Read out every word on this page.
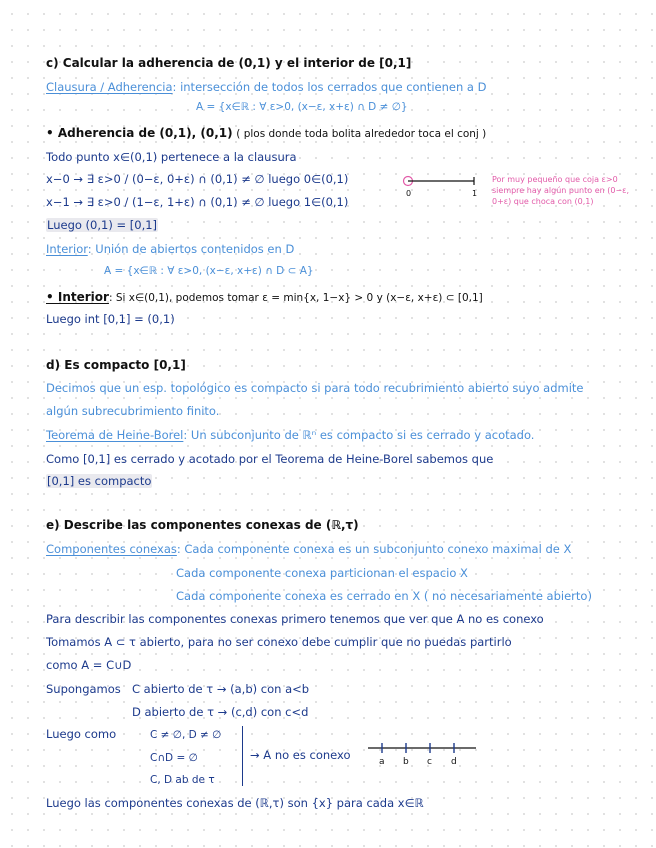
c) Calcular la adherencia de (0,1) y el interior de [0,1]
Clausura / Adherencia: intersección de todos los cerrados que contienen a D
A = {x∈ℝ : ∀ ε>0, (x−ε, x+ε) ∩ D ≠ ∅}
• Adherencia de (0,1), (0,1) ( plos donde toda bolita alrededor toca el conj )
Todo punto x∈(0,1) pertenece a la clausura
x−0 → ∃ ε>0 / (0−ε, 0+ε) ∩ (0,1) ≠ ∅ luego 0∈(0,1)
x−1 → ∃ ε>0 / (1−ε, 1+ε) ∩ (0,1) ≠ ∅ luego 1∈(0,1)
Luego (0,1) = [0,1]
0	1
Por muy pequeño que coja ε>0 siempre hay algún punto en (0−ε, 0+ε) que choca con (0,1)
Interior: Unión de abiertos contenidos en D
A = {x∈ℝ : ∀ ε>0, (x−ε, x+ε) ∩ D ⊂ A}
• Interior: Si x∈(0,1), podemos tomar ε = min{x, 1−x} > 0 y (x−ε, x+ε) ⊂ [0,1]
Luego int [0,1] = (0,1)
d) Es compacto [0,1]
Decimos que un esp. topológico es compacto si para todo recubrimiento abierto suyo admite
algún subrecubrimiento finito.
Teorema de Heine-Borel: Un subconjunto de ℝⁿ es compacto si es cerrado y acotado.
Como [0,1] es cerrado y acotado por el Teorema de Heine-Borel sabemos que
[0,1] es compacto
e) Describe las componentes conexas de (ℝ,τ)
Componentes conexas: Cada componente conexa es un subconjunto conexo maximal de X
Cada componente conexa particionan el espacio X
Cada componente conexa es cerrado en X ( no necesariamente abierto)
Para describir las componentes conexas primero tenemos que ver que A no es conexo
Tomamos A ⊂ τ abierto, para no ser conexo debe cumplir que no puedas partirlo
como A = C∪D
Supongamos C abierto de τ → (a,b) con a<b
D abierto de τ → (c,d) con c<d
Luego como	C ≠ ∅, D ≠ ∅
C∩D = ∅
C, D ab de τ
→ A no es conexo	a b c d
Luego las componentes conexas de (ℝ,τ) son {x} para cada x∈ℝ
